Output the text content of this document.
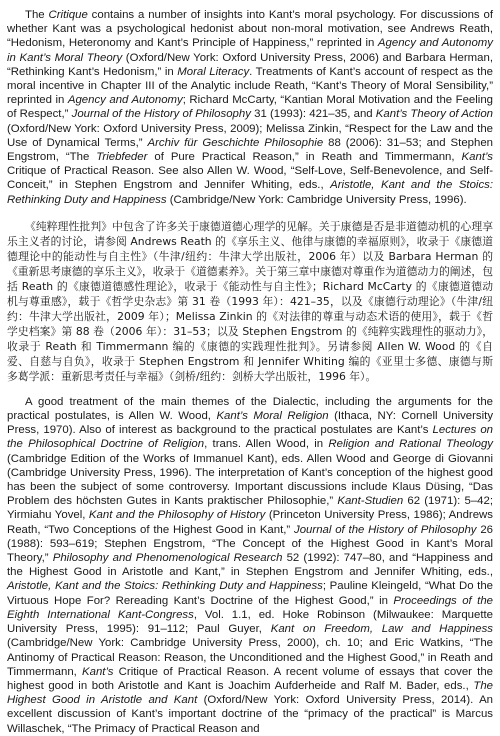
The Critique contains a number of insights into Kant’s moral psychology. For discussions of whether Kant was a psychological hedonist about non-moral motivation, see Andrews Reath, “Hedonism, Heteronomy and Kant’s Principle of Happiness,” reprinted in Agency and Autonomy in Kant’s Moral Theory (Oxford/New York: Oxford University Press, 2006) and Barbara Herman, “Rethinking Kant’s Hedonism,” in Moral Literacy. Treatments of Kant’s account of respect as the moral incentive in Chapter III of the Analytic include Reath, “Kant’s Theory of Moral Sensibility,” reprinted in Agency and Autonomy; Richard McCarty, “Kantian Moral Motivation and the Feeling of Respect,” Journal of the History of Philosophy 31 (1993): 421–35, and Kant’s Theory of Action (Oxford/New York: Oxford University Press, 2009); Melissa Zinkin, “Respect for the Law and the Use of Dynamical Terms,” Archiv für Geschichte Philosophie 88 (2006): 31–53; and Stephen Engstrom, “The Triebfeder of Pure Practical Reason,” in Reath and Timmermann, Kant’s Critique of Practical Reason. See also Allen W. Wood, “Self-Love, Self-Benevolence, and Self-Conceit,” in Stephen Engstrom and Jennifer Whiting, eds., Aristotle, Kant and the Stoics: Rethinking Duty and Happiness (Cambridge/New York: Cambridge University Press, 1996).

《纯粹理性批判》中包含了许多关于康德道德心理学的见解。关于康德是否是非道德动机的心理享乐主义者的讨论，请参阅 Andrews Reath 的《享乐主义、他律与康德的幸福原则》，收录于《康德道德理论中的能动性与自主性》（牛津/纽约：牛津大学出版社，2006 年）以及 Barbara Herman 的《重新思考康德的享乐主义》，收录于《道德素养》。关于第三章中康德对尊重作为道德动力的阐述，包括 Reath 的《康德道德感性理论》，收录于《能动性与自主性》；Richard McCarty 的《康德道德动机与尊重感》，载于《哲学史杂志》第 31 卷（1993 年）：421–35，以及《康德行动理论》（牛津/纽约：牛津大学出版社，2009 年）；Melissa Zinkin 的《对法律的尊重与动态术语的使用》，载于《哲学史档案》第 88 卷（2006 年）：31–53；以及 Stephen Engstrom 的《纯粹实践理性的驱动力》，收录于 Reath 和 Timmermann 编的《康德的实践理性批判》。另请参阅 Allen W. Wood 的《自爱、自慈与自负》，收录于 Stephen Engstrom 和 Jennifer Whiting 编的《亚里士多德、康德与斯多葛学派：重新思考责任与幸福》（剑桥/纽约：剑桥大学出版社，1996 年）。

A good treatment of the main themes of the Dialectic, including the arguments for the practical postulates, is Allen W. Wood, Kant’s Moral Religion (Ithaca, NY: Cornell University Press, 1970). Also of interest as background to the practical postulates are Kant’s Lectures on the Philosophical Doctrine of Religion, trans. Allen Wood, in Religion and Rational Theology (Cambridge Edition of the Works of Immanuel Kant), eds. Allen Wood and George di Giovanni (Cambridge University Press, 1996). The interpretation of Kant’s conception of the highest good has been the subject of some controversy. Important discussions include Klaus Düsing, “Das Problem des höchsten Gutes in Kants praktischer Philosophie,” Kant-Studien 62 (1971): 5–42; Yirmiahu Yovel, Kant and the Philosophy of History (Princeton University Press, 1986); Andrews Reath, “Two Conceptions of the Highest Good in Kant,” Journal of the History of Philosophy 26 (1988): 593–619; Stephen Engstrom, “The Concept of the Highest Good in Kant’s Moral Theory,” Philosophy and Phenomenological Research 52 (1992): 747–80, and “Happiness and the Highest Good in Aristotle and Kant,” in Stephen Engstrom and Jennifer Whiting, eds., Aristotle, Kant and the Stoics: Rethinking Duty and Happiness; Pauline Kleingeld, “What Do the Virtuous Hope For? Rereading Kant’s Doctrine of the Highest Good,” in Proceedings of the Eighth International Kant-Congress, Vol. 1.1, ed. Hoke Robinson (Milwaukee: Marquette University Press, 1995): 91–112; Paul Guyer, Kant on Freedom, Law and Happiness (Cambridge/New York: Cambridge University Press, 2000), ch. 10; and Eric Watkins, “The Antinomy of Practical Reason: Reason, the Unconditioned and the Highest Good,” in Reath and Timmermann, Kant’s Critique of Practical Reason. A recent volume of essays that cover the highest good in both Aristotle and Kant is Joachim Aufderheide and Ralf M. Bader, eds., The Highest Good in Aristotle and Kant (Oxford/New York: Oxford University Press, 2014). An excellent discussion of Kant’s important doctrine of the “primacy of the practical” is Marcus Willaschek, “The Primacy of Practical Reason and
